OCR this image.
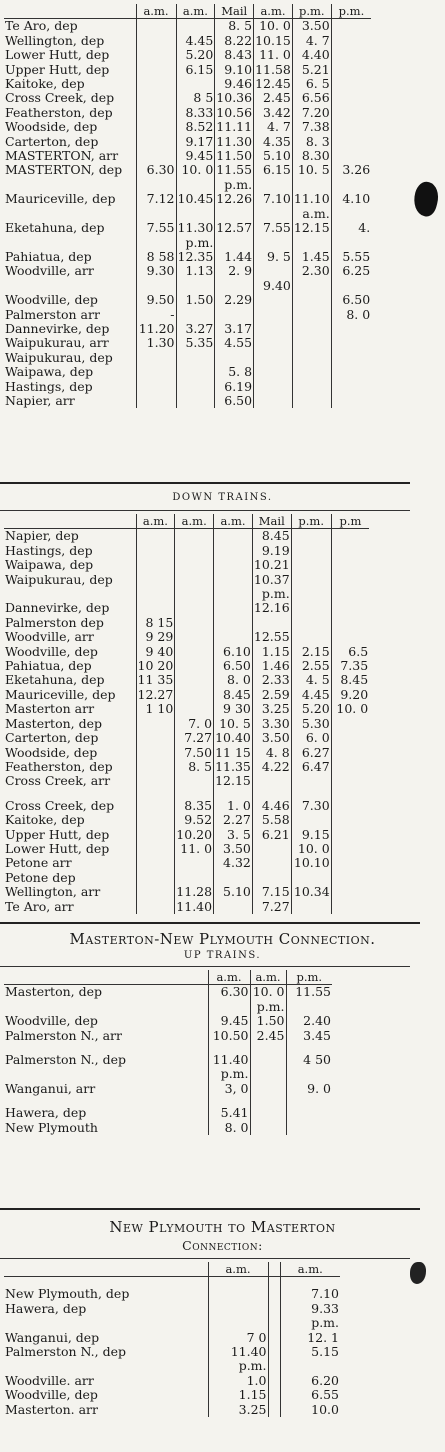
	a.m.	a.m.	Mail	a.m.	p.m.	p.m.
Te Aro, dep			8. 5	10. 0	3.50	
Wellington, dep		4.45	8.22	10.15	4. 7	
Lower Hutt, dep		5.20	8.43	11. 0	4.40	
Upper Hutt, dep		6.15	9.10	11.58	5.21	
Kaitoke, dep			9.46	12.45	6. 5	
Cross Creek, dep		8 5	10.36	2.45	6.56	
Featherston, dep		8.33	10.56	3.42	7.20	
Woodside, dep		8.52	11.11	4. 7	7.38	
Carterton, dep		9.17	11.30	4.35	8. 3	
MASTERTON, arr		9.45	11.50	5.10	8.30	
MASTERTON, dep	6.30	10. 0	11.55	6.15	10. 5	3.26
			p.m.			
Mauriceville, dep	7.12	10.45	12.26	7.10	11.10	4.10
					a.m.	
Eketahuna, dep	7.55	11.30	12.57	7.55	12.15	4.
		p.m.				
Pahiatua, dep	8 58	12.35	1.44	9. 5	1.45	5.55
Woodville, arr	9.30	1.13	2. 9		2.30	6.25
				9.40		
Woodville, dep	9.50	1.50	2.29			6.50
Palmerston arr	-					8. 0
Dannevirke, dep	11.20	3.27	3.17			
Waipukurau, arr	1.30	5.35	4.55			
Waipukurau, dep						
Waipawa, dep			5. 8			
Hastings, dep			6.19			
Napier, arr			6.50			
DOWN TRAINS.
	a.m.	a.m.	a.m.	Mail	p.m.	p.m
Napier, dep				8.45		
Hastings, dep				9.19		
Waipawa, dep				10.21		
Waipukurau, dep				10.37		
				p.m.		
Dannevirke, dep				12.16		
Palmerston dep	8 15					
Woodville, arr	9 29			12.55		
Woodville, dep	9 40		6.10	1.15	2.15	6.5
Pahiatua, dep	10 20		6.50	1.46	2.55	7.35
Eketahuna, dep	11 35		8. 0	2.33	4. 5	8.45
Mauriceville, dep	12.27		8.45	2.59	4.45	9.20
Masterton arr	1 10		9 30	3.25	5.20	10. 0
Masterton, dep		7. 0	10. 5	3.30	5.30	
Carterton, dep		7.27	10.40	3.50	6. 0	
Woodside, dep		7.50	11 15	4. 8	6.27	
Featherston, dep		8. 5	11.35	4.22	6.47	
Cross Creek, arr			12.15			

Cross Creek, dep		8.35	1. 0	4.46	7.30	
Kaitoke, dep		9.52	2.27	5.58		
Upper Hutt, dep		10.20	3. 5	6.21	9.15	
Lower Hutt, dep		11. 0	3.50		10. 0	
Petone arr			4.32		10.10	
Petone dep						
Wellington, arr		11.28	5.10	7.15	10.34	
Te Aro, arr		11.40		7.27		
Masterton-New Plymouth Connection.
UP TRAINS.
	a.m.	a.m.	p.m.
Masterton, dep	6.30	10. 0	11.55
		p.m.	
Woodville, dep	9.45	1.50	2.40
Palmerston N., arr	10.50	2.45	3.45

Palmerston N., dep	11.40		4 50
	p.m.		
Wanganui, arr	3, 0		9. 0

Hawera, dep	5.41		
New Plymouth	8. 0		
New Plymouth to Masterton
Connection:
	a.m.		a.m.

New Plymouth, dep			7.10
Hawera, dep			9.33
			p.m.
Wanganui, dep	7 0		12. 1
Palmerston N., dep	11.40		5.15
	p.m.		
Woodville. arr	1.0		6.20
Woodville, dep	1.15		6.55
Masterton. arr	3.25		10.0
